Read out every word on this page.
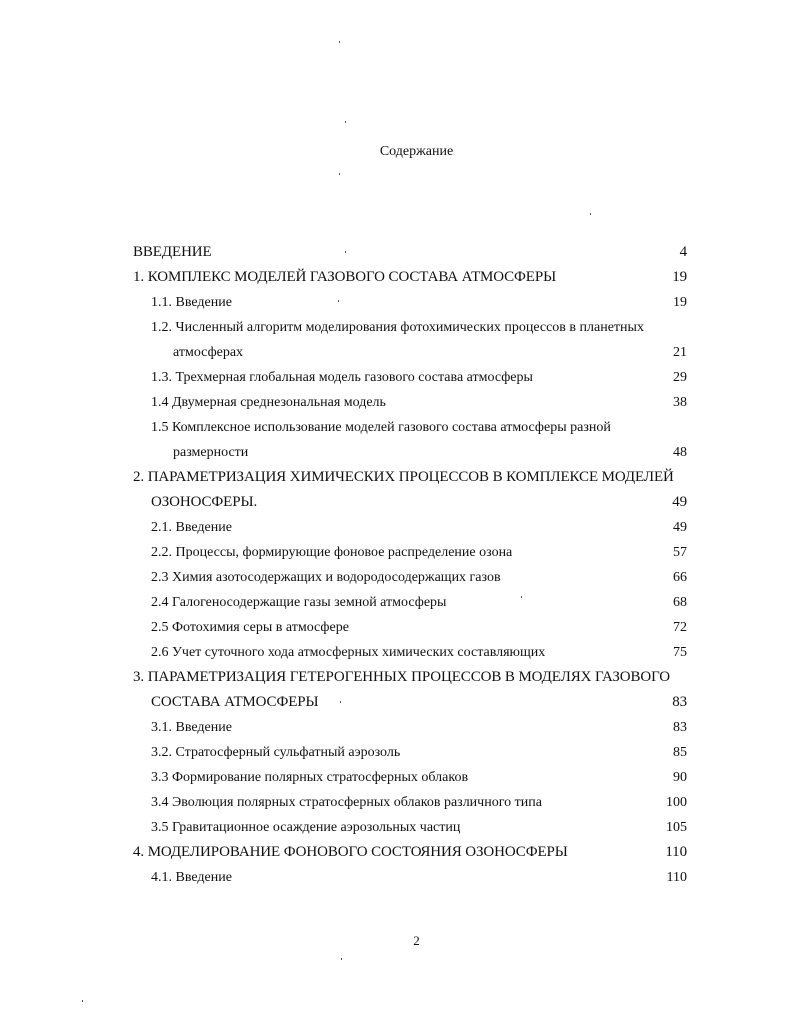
Содержание
ВВЕДЕНИЕ	4
1. КОМПЛЕКС МОДЕЛЕЙ ГАЗОВОГО СОСТАВА АТМОСФЕРЫ	19
1.1. Введение	19
1.2. Численный алгоритм моделирования фотохимических процессов в планетных
атмосферах	21
1.3. Трехмерная глобальная модель газового состава атмосферы	29
1.4 Двумерная среднезональная модель	38
1.5 Комплексное использование моделей газового состава атмосферы разной
размерности	48
2. ПАРАМЕТРИЗАЦИЯ ХИМИЧЕСКИХ ПРОЦЕССОВ В КОМПЛЕКСЕ МОДЕЛЕЙ
ОЗОНОСФЕРЫ.	49
2.1. Введение	49
2.2. Процессы, формирующие фоновое распределение озона	57
2.3 Химия азотосодержащих и водородосодержащих газов	66
2.4 Галогеносодержащие газы земной атмосферы	68
2.5 Фотохимия серы в атмосфере	72
2.6 Учет суточного хода атмосферных химических составляющих	75
3. ПАРАМЕТРИЗАЦИЯ ГЕТЕРОГЕННЫХ ПРОЦЕССОВ В МОДЕЛЯХ ГАЗОВОГО
СОСТАВА АТМОСФЕРЫ	83
3.1. Введение	83
3.2. Стратосферный сульфатный аэрозоль	85
3.3 Формирование полярных стратосферных облаков	90
3.4 Эволюция полярных стратосферных облаков различного типа	100
3.5 Гравитационное осаждение аэрозольных частиц	105
4. МОДЕЛИРОВАНИЕ ФОНОВОГО СОСТОЯНИЯ ОЗОНОСФЕРЫ	110
4.1. Введение	110
2
